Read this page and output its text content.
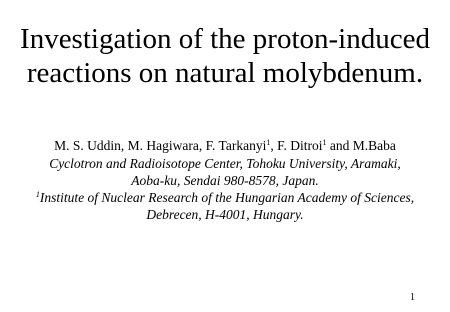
Investigation of the proton-induced
reactions on natural molybdenum.
M. S. Uddin, M. Hagiwara, F. Tarkanyi$^1$, F. Ditroi$^1$ and M.Baba
Cyclotron and Radioisotope Center, Tohoku University, Aramaki,
Aoba-ku, Sendai 980-8578, Japan.
$^1$Institute of Nuclear Research of the Hungarian Academy of Sciences,
Debrecen, H-4001, Hungary.
1
